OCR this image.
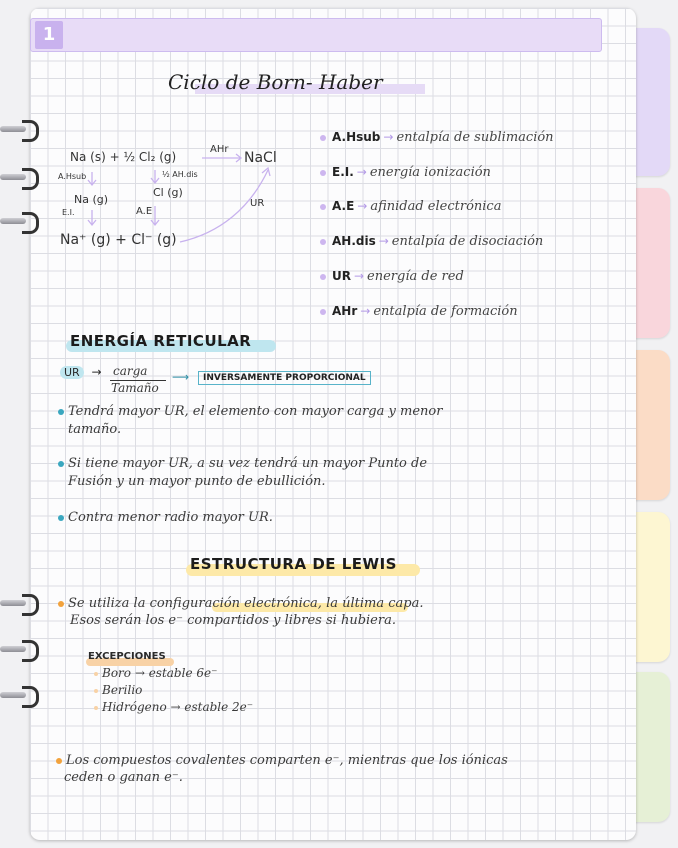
1
Ciclo de Born- Haber
Na (s) + ½ Cl₂ (g)
AHr
NaCl
A.Hsub	½ AH.dis
Na (g)
Cl (g)
E.I.	A.E
UR
Na⁺ (g) + Cl⁻ (g)
A.Hsub → entalpía de sublimación
E.I. → energía ionización
A.E → afinidad electrónica
AH.dis → entalpía de disociación
UR → energía de red
AHr → entalpía de formación
ENERGÍA RETICULAR
UR → carga
Tamaño
⟶	INVERSAMENTE PROPORCIONAL
Tendrá mayor UR, el elemento con mayor carga y menor
tamaño.
Si tiene mayor UR, a su vez tendrá un mayor Punto de
Fusión y un mayor punto de ebullición.
Contra menor radio mayor UR.
ESTRUCTURA DE LEWIS
Se utiliza la configuración electrónica, la última capa.
Esos serán los e⁻ compartidos y libres si hubiera.
EXCEPCIONES
Boro → estable 6e⁻
Berilio
Hidrógeno → estable 2e⁻
Los compuestos covalentes comparten e⁻, mientras que los iónicas
ceden o ganan e⁻.
